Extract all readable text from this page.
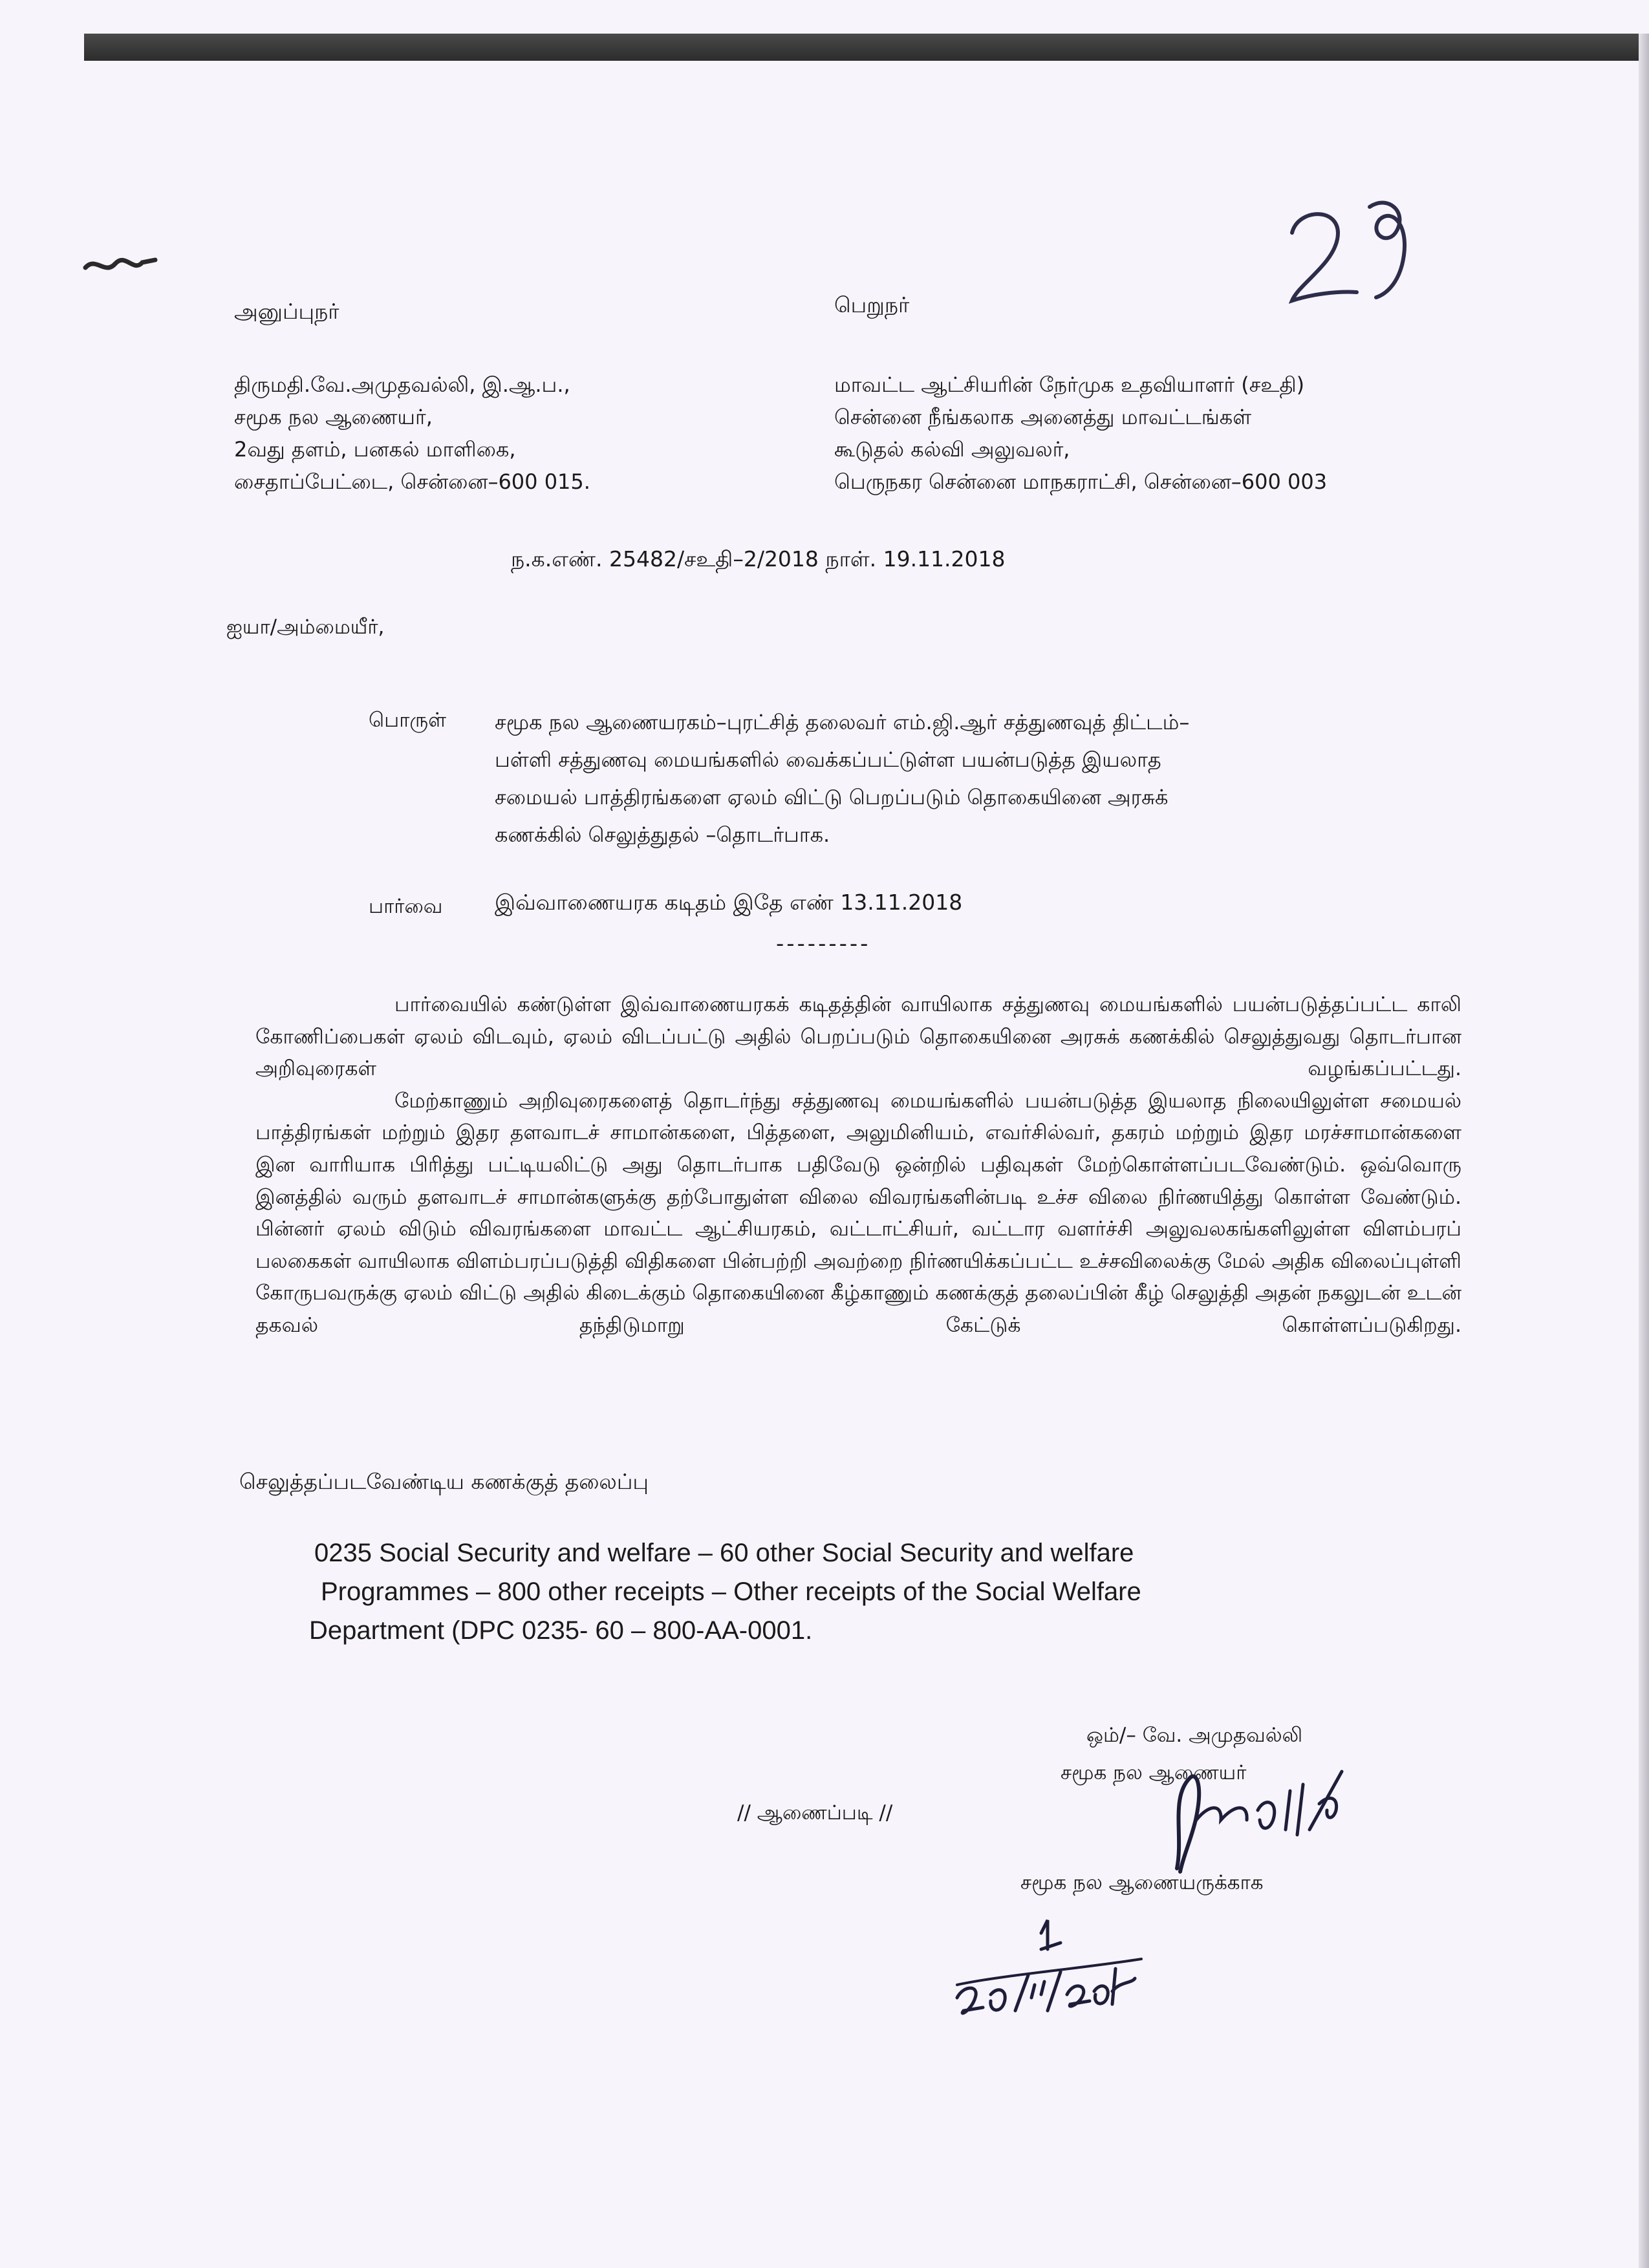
அனுப்புநர்	பெறுநர்
திருமதி.வே.அமுதவல்லி, இ.ஆ.ப.,
சமூக நல ஆணையர்,
2வது தளம், பனகல் மாளிகை,
சைதாப்பேட்டை, சென்னை–600 015.
மாவட்ட ஆட்சியரின் நேர்முக உதவியாளர் (சஉதி)
சென்னை நீங்கலாக அனைத்து மாவட்டங்கள்
கூடுதல் கல்வி அலுவலர்,
பெருநகர சென்னை மாநகராட்சி, சென்னை–600 003
ந.க.எண். 25482/சஉதி–2/2018 நாள். 19.11.2018
ஐயா/அம்மையீர்,
பொருள் சமூக நல ஆணையரகம்–புரட்சித் தலைவர் எம்.ஜி.ஆர் சத்துணவுத் திட்டம்–
பள்ளி சத்துணவு மையங்களில் வைக்கப்பட்டுள்ள பயன்படுத்த இயலாத
சமையல் பாத்திரங்களை ஏலம் விட்டு பெறப்படும் தொகையினை அரசுக்
கணக்கில் செலுத்துதல் –தொடர்பாக.
பார்வை இவ்வாணையரக கடிதம் இதே எண் 13.11.2018
---------

பார்வையில் கண்டுள்ள இவ்வாணையரகக் கடிதத்தின் வாயிலாக சத்துணவு மையங்களில் பயன்படுத்தப்பட்ட காலி கோணிப்பைகள் ஏலம் விடவும், ஏலம் விடப்பட்டு அதில் பெறப்படும் தொகையினை அரசுக் கணக்கில் செலுத்துவது தொடர்பான அறிவுரைகள் வழங்கப்பட்டது.

மேற்காணும் அறிவுரைகளைத் தொடர்ந்து சத்துணவு மையங்களில் பயன்படுத்த இயலாத நிலையிலுள்ள சமையல் பாத்திரங்கள் மற்றும் இதர தளவாடச் சாமான்களை, பித்தளை, அலுமினியம், எவர்சில்வர், தகரம் மற்றும் இதர மரச்சாமான்களை இன வாரியாக பிரித்து பட்டியலிட்டு அது தொடர்பாக பதிவேடு ஒன்றில் பதிவுகள் மேற்கொள்ளப்படவேண்டும். ஒவ்வொரு இனத்தில் வரும் தளவாடச் சாமான்களுக்கு தற்போதுள்ள விலை விவரங்களின்படி உச்ச விலை நிர்ணயித்து கொள்ள வேண்டும். பின்னர் ஏலம் விடும் விவரங்களை மாவட்ட ஆட்சியரகம், வட்டாட்சியர், வட்டார வளர்ச்சி அலுவலகங்களிலுள்ள விளம்பரப் பலகைகள் வாயிலாக விளம்பரப்படுத்தி விதிகளை பின்பற்றி அவற்றை நிர்ணயிக்கப்பட்ட உச்சவிலைக்கு மேல் அதிக விலைப்புள்ளி கோருபவருக்கு ஏலம் விட்டு அதில் கிடைக்கும் தொகையினை கீழ்காணும் கணக்குத் தலைப்பின் கீழ் செலுத்தி அதன் நகலுடன் உடன் தகவல் தந்திடுமாறு கேட்டுக் கொள்ளப்படுகிறது.

செலுத்தப்படவேண்டிய கணக்குத் தலைப்பு
0235 Social Security and welfare – 60 other Social Security and welfare
Programmes – 800 other receipts – Other receipts of the Social Welfare
Department (DPC 0235- 60 – 800-AA-0001.
ஒம்/– வே. அமுதவல்லி
சமூக நல ஆணையர்
// ஆணைப்படி //
சமூக நல ஆணையருக்காக
